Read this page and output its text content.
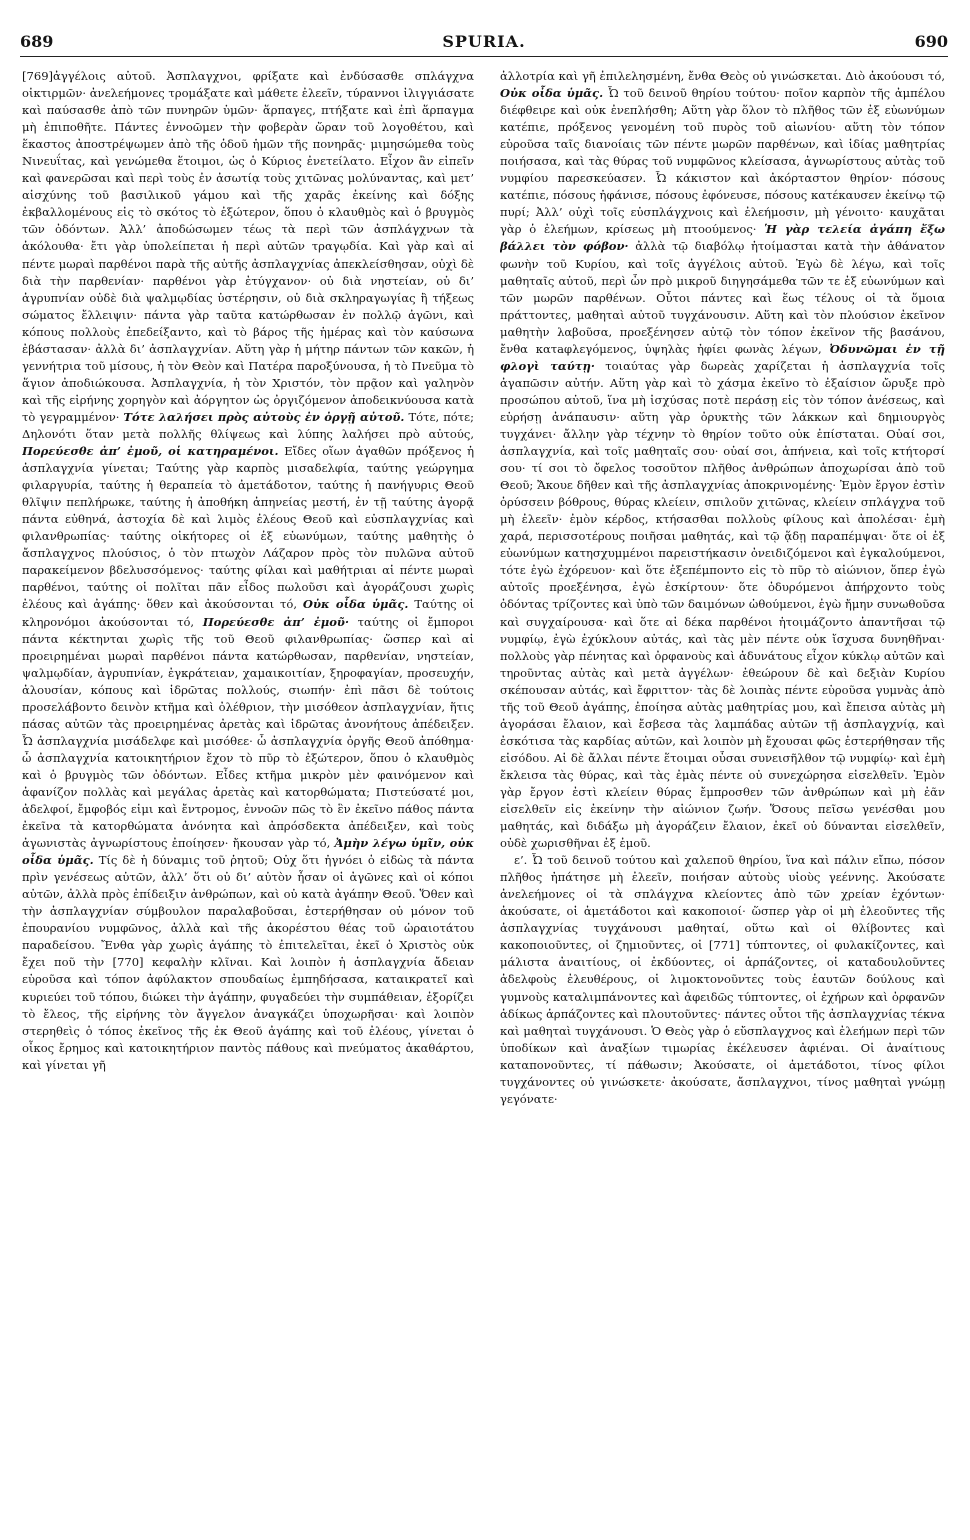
689	SPURIA.	690

[769]ἀγγέλοις αὐτοῦ. Ἀσπλαγχνοι, φρίξατε καὶ ἐνδύσασθε σπλάγχνα οἰκτιρμῶν· ἀνελεήμονες τρομάξατε καὶ μάθετε ἐλεεῖν, τύραννοι ἰλιγγιάσατε καὶ παύσασθε ἀπὸ τῶν πυνηρῶν ὑμῶν· ἅρπαγες, πτήξατε καὶ ἐπὶ ἅρπαγμα μὴ ἐπιποθῆτε. Πάντες ἐννοῶμεν τὴν φοβερὰν ὥραν τοῦ λογοθέτου, καὶ ἕκαστος ἀποστρέψωμεν ἀπὸ τῆς ὁδοῦ ἡμῶν τῆς πονηρᾶς· μιμησώμεθα τοὺς Νινευΐτας, καὶ γενώμεθα ἕτοιμοι, ὡς ὁ Κύριος ἐνετείλατο. Εἶχον ἂν εἰπεῖν καὶ φανερῶσαι καὶ περὶ τοὺς ἐν ἀσωτίᾳ τοὺς χιτῶνας μολύναντας, καὶ μετ’ αἰσχύνης τοῦ βασιλικοῦ γάμου καὶ τῆς χαρᾶς ἐκείνης καὶ δόξης ἐκβαλλομένους εἰς τὸ σκότος τὸ ἐξώτερον, ὅπου ὁ κλαυθμὸς καὶ ὁ βρυγμὸς τῶν ὀδόντων. Ἀλλ’ ἀποδώσωμεν τέως τὰ περὶ τῶν ἀσπλάγχνων τὰ ἀκόλουθα· ἔτι γὰρ ὑπολείπεται ἡ περὶ αὐτῶν τραγῳδία. Καὶ γὰρ καὶ αἱ πέντε μωραὶ παρθένοι παρὰ τῆς αὐτῆς ἀσπλαγχνίας ἀπεκλείσθησαν, οὐχὶ δὲ διὰ τὴν παρθενίαν· παρθένοι γὰρ ἐτύγχανον· οὐ διὰ νηστείαν, οὐ δι’ ἀγρυπνίαν οὐδὲ διὰ ψαλμῳδίας ὑστέρησιν, οὐ διὰ σκληραγωγίας ἢ τήξεως σώματος ἔλλειψιν· πάντα γὰρ ταῦτα κατώρθωσαν ἐν πολλῷ ἀγῶνι, καὶ κόπους πολλοὺς ἐπεδείξαντο, καὶ τὸ βάρος τῆς ἡμέρας καὶ τὸν καύσωνα ἐβάστασαν· ἀλλὰ δι’ ἀσπλαγχνίαν. Αὕτη γὰρ ἡ μήτηρ πάντων τῶν κακῶν, ἡ γεννήτρια τοῦ μίσους, ἡ τὸν Θεὸν καὶ Πατέρα παροξύνουσα, ἡ τὸ Πνεῦμα τὸ ἅγιον ἀποδιώκουσα. Ἀσπλαγχνία, ἡ τὸν Χριστόν, τὸν πρᾷον καὶ γαληνὸν καὶ τῆς εἰρήνης χορηγὸν καὶ ἀόργητον ὡς ὀργιζόμενον ἀποδεικνύουσα κατὰ τὸ γεγραμμένον· Τότε λαλήσει πρὸς αὐτοὺς ἐν ὀργῇ αὐτοῦ. Τότε, πότε; Δηλονότι ὅταν μετὰ πολλῆς θλίψεως καὶ λύπης λαλήσει πρὸ αὐτούς, Πορεύεσθε ἀπ’ ἐμοῦ, οἱ κατηραμένοι. Εἴδες οἵων ἀγαθῶν πρόξενος ἡ ἀσπλαγχνία γίνεται; Ταύτης γὰρ καρπὸς μισαδελφία, ταύτης γεώργημα φιλαργυρία, ταύτης ἡ θεραπεία τὸ ἀμετάδοτον, ταύτης ἡ πανήγυρις Θεοῦ θλῖψιν πεπλήρωκε, ταύτης ἡ ἀποθήκη ἀπηνείας μεστή, ἐν τῇ ταύτης ἀγορᾷ πάντα εὐθηνά, ἀστοχία δὲ καὶ λιμὸς ἐλέους Θεοῦ καὶ εὐσπλαγχνίας καὶ φιλανθρωπίας· ταύτης οἰκήτορες οἱ ἐξ εὐωνύμων, ταύτης μαθητὴς ὁ ἄσπλαγχνος πλούσιος, ὁ τὸν πτωχὸν Λάζαρον πρὸς τὸν πυλῶνα αὐτοῦ παρακείμενον βδελυσσόμενος· ταύτης φίλαι καὶ μαθήτριαι αἱ πέντε μωραὶ παρθένοι, ταύτης οἱ πολῖται πᾶν εἶδος πωλοῦσι καὶ ἀγοράζουσι χωρὶς ἐλέους καὶ ἀγάπης· ὅθεν καὶ ἀκούσονται τό, Οὐκ οἶδα ὑμᾶς. Ταύτης οἱ κληρονόμοι ἀκούσονται τό, Πορεύεσθε ἀπ’ ἐμοῦ· ταύτης οἱ ἔμποροι πάντα κέκτηνται χωρὶς τῆς τοῦ Θεοῦ φιλανθρωπίας· ὥσπερ καὶ αἱ προειρημέναι μωραὶ παρθένοι πάντα κατώρθωσαν, παρθενίαν, νηστείαν, ψαλμῳδίαν, ἀγρυπνίαν, ἐγκράτειαν, χαμαικοιτίαν, ξηροφαγίαν, προσευχήν, ἀλουσίαν, κόπους καὶ ἱδρῶτας πολλούς, σιωπήν· ἐπὶ πᾶσι δὲ τούτοις προσελάβοντο δεινὸν κτῆμα καὶ ὀλέθριον, τὴν μισόθεον ἀσπλαγχνίαν, ἥτις πάσας αὐτῶν τὰς προειρημένας ἀρετὰς καὶ ἱδρῶτας ἀνονήτους ἀπέδειξεν. Ὦ ἀσπλαγχνία μισάδελφε καὶ μισόθεε· ὦ ἀσπλαγχνία ὀργῆς Θεοῦ ἀπόθημα· ὦ ἀσπλαγχνία κατοικητήριον ἔχον τὸ πῦρ τὸ ἐξώτερον, ὅπου ὁ κλαυθμὸς καὶ ὁ βρυγμὸς τῶν ὀδόντων. Εἶδες κτῆμα μικρὸν μὲν φαινόμενον καὶ ἀφανίζον πολλὰς καὶ μεγάλας ἀρετὰς καὶ κατορθώματα; Πιστεύσατέ μοι, ἀδελφοί, ἔμφοβός εἰμι καὶ ἔντρομος, ἐννοῶν πῶς τὸ ἓν ἐκεῖνο πάθος πάντα ἐκεῖνα τὰ κατορθώματα ἀνόνητα καὶ ἀπρόσδεκτα ἀπέδειξεν, καὶ τοὺς ἀγωνιστὰς ἀγνωρίστους ἐποίησεν· ἤκουσαν γὰρ τό, Ἀμὴν λέγω ὑμῖν, οὐκ οἶδα ὑμᾶς. Τίς δὲ ἡ δύναμις τοῦ ῥητοῦ; Οὐχ ὅτι ἠγνόει ὁ εἰδὼς τὰ πάντα πρὶν γενέσεως αὐτῶν, ἀλλ’ ὅτι οὐ δι’ αὐτὸν ἦσαν οἱ ἀγῶνες καὶ οἱ κόποι αὐτῶν, ἀλλὰ πρὸς ἐπίδειξιν ἀνθρώπων, καὶ οὐ κατὰ ἀγάπην Θεοῦ. Ὅθεν καὶ τὴν ἀσπλαγχνίαν σύμβουλον παραλαβοῦσαι, ἐστερήθησαν οὐ μόνον τοῦ ἐπουρανίου νυμφῶνος, ἀλλὰ καὶ τῆς ἀκορέστου θέας τοῦ ὡραιοτάτου παραδείσου. Ἔνθα γὰρ χωρὶς ἀγάπης τὸ ἐπιτελεῖται, ἐκεῖ ὁ Χριστὸς οὐκ ἔχει ποῦ τὴν [770] κεφαλὴν κλῖναι. Καὶ λοιπὸν ἡ ἀσπλαγχνία ἄδειαν εὑροῦσα καὶ τόπον ἀφύλακτον σπουδαίως ἐμπηδήσασα, καταικρατεῖ καὶ κυριεύει τοῦ τόπου, διώκει τὴν ἀγάπην, φυγαδεύει τὴν συμπάθειαν, ἐξορίζει τὸ ἔλεος, τῆς εἰρήνης τὸν ἄγγελον ἀναγκάζει ὑποχωρῆσαι· καὶ λοιπὸν στερηθεὶς ὁ τόπος ἐκεῖνος τῆς ἐκ Θεοῦ ἀγάπης καὶ τοῦ ἐλέους, γίνεται ὁ οἶκος ἔρημος καὶ κατοικητήριον παντὸς πάθους καὶ πνεύματος ἀκαθάρτου, καὶ γίνεται γῆ

ἀλλοτρία καὶ γῆ ἐπιλελησμένη, ἔνθα Θεὸς οὐ γινώσκεται. Διὸ ἀκούουσι τό, Οὐκ οἶδα ὑμᾶς. Ὦ τοῦ δεινοῦ θηρίου τούτου· ποῖον καρπὸν τῆς ἀμπέλου διέφθειρε καὶ οὐκ ἐνεπλήσθη; Αὕτη γὰρ ὅλον τὸ πλῆθος τῶν ἐξ εὐωνύμων κατέπιε, πρόξενος γενομένη τοῦ πυρὸς τοῦ αἰωνίου· αὕτη τὸν τόπον εὑροῦσα ταῖς διανοίαις τῶν πέντε μωρῶν παρθένων, καὶ ἰδίας μαθητρίας ποιήσασα, καὶ τὰς θύρας τοῦ νυμφῶνος κλείσασα, ἀγνωρίστους αὐτὰς τοῦ νυμφίου παρεσκεύασεν. Ὦ κάκιστον καὶ ἀκόρταστον θηρίον· πόσους κατέπιε, πόσους ἠφάνισε, πόσους ἐφόνευσε, πόσους κατέκαυσεν ἐκείνῳ τῷ πυρί; Ἀλλ’ οὐχὶ τοῖς εὐσπλάγχνοις καὶ ἐλεήμοσιν, μὴ γένοιτο· καυχᾶται γὰρ ὁ ἐλεήμων, κρίσεως μὴ πτοούμενος· Ἡ γὰρ τελεία ἀγάπη ἔξω βάλλει τὸν φόβον· ἀλλὰ τῷ διαβόλῳ ἡτοίμασται κατὰ τὴν ἀθάνατον φωνὴν τοῦ Κυρίου, καὶ τοῖς ἀγγέλοις αὐτοῦ. Ἐγὼ δὲ λέγω, καὶ τοῖς μαθηταῖς αὐτοῦ, περὶ ὧν πρὸ μικροῦ διηγησάμεθα τῶν τε ἐξ εὐωνύμων καὶ τῶν μωρῶν παρθένων. Οὗτοι πάντες καὶ ἕως τέλους οἱ τὰ ὅμοια πράττοντες, μαθηταὶ αὐτοῦ τυγχάνουσιν. Αὕτη καὶ τὸν πλούσιον ἐκεῖνον μαθητὴν λαβοῦσα, προεξένησεν αὐτῷ τὸν τόπον ἐκεῖνον τῆς βασάνου, ἔνθα κατaφλεγόμενος, ὑψηλὰς ἠφίει φωνὰς λέγων, Ὀδυνῶμαι ἐν τῇ φλογὶ ταύτῃ· τοιαύτας γὰρ δωρεὰς χαρίζεται ἡ ἀσπλαγχνία τοῖς ἀγαπῶσιν αὐτήν. Αὕτη γὰρ καὶ τὸ χάσμα ἐκεῖνο τὸ ἐξαίσιον ὤρυξε πρὸ προσώπου αὐτοῦ, ἵνα μὴ ἰσχύσας ποτὲ περάσῃ εἰς τὸν τόπον ἀνέσεως, καὶ εὑρήσῃ ἀνάπαυσιν· αὕτη γὰρ ὀρυκτὴς τῶν λάκκων καὶ δημιουργὸς τυγχάνει· ἄλλην γὰρ τέχνην τὸ θηρίον τοῦτο οὐκ ἐπίσταται. Οὐαί σοι, ἀσπλαγχνία, καὶ τοῖς μαθηταῖς σου· οὐαί σοι, ἀπήνεια, καὶ τοῖς κτήτορσί σου· τί σοι τὸ ὄφελος τοσοῦτον πλῆθος ἀνθρώπων ἀποχωρίσαι ἀπὸ τοῦ Θεοῦ; Ἄκουε δῆθεν καὶ τῆς ἀσπλαγχνίας ἀποκρινομένης· Ἐμὸν ἔργον ἐστὶν ὀρύσσειν βόθρους, θύρας κλείειν, σπιλοῦν χιτῶνας, κλείειν σπλάγχνα τοῦ μὴ ἐλεεῖν· ἐμὸν κέρδος, κτήσασθαι πολλοὺς φίλους καὶ ἀπολέσαι· ἐμὴ χαρά, περισσοτέρους ποιῆσαι μαθητάς, καὶ τῷ ᾅδῃ παραπέμψαι· ὅτε οἱ ἐξ εὐωνύμων κατησχυμμένοι παρειστήκασιν ὀνειδιζόμενοι καὶ ἐγκαλούμενοι, τότε ἐγὼ ἐχόρευον· καὶ ὅτε ἐξεπέμποντο εἰς τὸ πῦρ τὸ αἰώνιον, ὅπερ ἐγὼ αὐτοῖς προεξένησα, ἐγὼ ἐσκίρτουν· ὅτε ὀδυρόμενοι ἀπήρχοντο τοὺς ὀδόντας τρίζοντες καὶ ὑπὸ τῶν δαιμόνων ὠθούμενοι, ἐγὼ ἤμην συνωθοῦσα καὶ συγχαίρουσα· καὶ ὅτε αἱ δέκα παρθένοι ἡτοιμάζοντο ἀπαντῆσαι τῷ νυμφίῳ, ἐγὼ ἐχύκλουν αὐτάς, καὶ τὰς μὲν πέντε οὐκ ἴσχυσα δυνηθῆναι· πολλοὺς γὰρ πένητας καὶ ὀρφανοὺς καὶ ἀδυνάτους εἶχον κύκλῳ αὐτῶν καὶ τηροῦντας αὐτὰς καὶ μετὰ ἀγγέλων· ἐθεώρουν δὲ καὶ δεξιὰν Κυρίου σκέπουσαν αὐτάς, καὶ ἔφριττον· τὰς δὲ λοιπὰς πέντε εὑροῦσα γυμνὰς ἀπὸ τῆς τοῦ Θεοῦ ἀγάπης, ἐποίησα αὐτὰς μαθητρίας μου, καὶ ἔπεισα αὐτὰς μὴ ἀγοράσαι ἔλαιον, καὶ ἔσβεσα τὰς λαμπάδας αὐτῶν τῇ ἀσπλαγχνίᾳ, καὶ ἐσκότισα τὰς καρδίας αὐτῶν, καὶ λοιπὸν μὴ ἔχουσαι φῶς ἐστερήθησαν τῆς εἰσόδου. Αἱ δὲ ἄλλαι πέντε ἕτοιμαι οὖσαι συνεισῆλθον τῷ νυμφίῳ· καὶ ἐμὴ ἔκλεισα τὰς θύρας, καὶ τὰς ἐμὰς πέντε οὐ συνεχώρησα εἰσελθεῖν. Ἐμὸν γὰρ ἔργον ἐστὶ κλείειν θύρας ἔμπροσθεν τῶν ἀνθρώπων καὶ μὴ ἐᾶν εἰσελθεῖν εἰς ἐκείνην τὴν αἰώνιον ζωήν. Ὅσους πεῖσω γενέσθαι μου μαθητάς, καὶ διδάξω μὴ ἀγοράζειν ἔλαιον, ἐκεῖ οὐ δύνανται εἰσελθεῖν, οὐδὲ χωρισθῆναι ἐξ ἐμοῦ.

ε’. Ὦ τοῦ δεινοῦ τούτου καὶ χαλεποῦ θηρίου, ἵνα καὶ πάλιν εἴπω, πόσον πλῆθος ἠπάτησε μὴ ἐλεεῖν, ποιήσαν αὐτοὺς υἱοὺς γεέννης. Ἀκούσατε ἀνελεήμονες οἱ τὰ σπλάγχνα κλείοντες ἀπὸ τῶν χρείαν ἐχόντων· ἀκούσατε, οἱ ἀμετάδοτοι καὶ κακοποιοί· ὥσπερ γὰρ οἱ μὴ ἐλεοῦντες τῆς ἀσπλαγχνίας τυγχάνουσι μαθηταί, οὕτω καὶ οἱ θλίβοντες καὶ κακοποιοῦντες, οἱ ζημιοῦντες, οἱ [771] τύπτοντες, οἱ φυλακίζοντες, καὶ μάλιστα ἀναιτίους, οἱ ἐκδύοντες, οἱ ἁρπάζοντες, οἱ καταδουλοῦντες ἀδελφοὺς ἐλευθέρους, οἱ λιμοκτονοῦντες τοὺς ἑαυτῶν δούλους καὶ γυμνοὺς καταλιμπάνοντες καὶ ἀφειδῶς τύπτοντες, οἱ ἐχήρων καὶ ὀρφανῶν ἀδίκως ἁρπάζοντες καὶ πλουτοῦντες· πάντες οὗτοι τῆς ἀσπλαγχνίας τέκνα καὶ μαθηταὶ τυγχάνουσι. Ὁ Θεὸς γὰρ ὁ εὔσπλαγχνος καὶ ἐλεήμων περὶ τῶν ὑποδίκων καὶ ἀναξίων τιμωρίας ἐκέλευσεν ἀφιέναι. Οἱ ἀναίτιους καταπονοῦντες, τί πάθωσιν; Ἀκούσατε, οἱ ἀμετάδοτοι, τίνος φίλοι τυγχάνοντες οὐ γινώσκετε· ἀκούσατε, ἄσπλαγχνοι, τίνος μαθηταὶ γνώμῃ γεγόνατε·
